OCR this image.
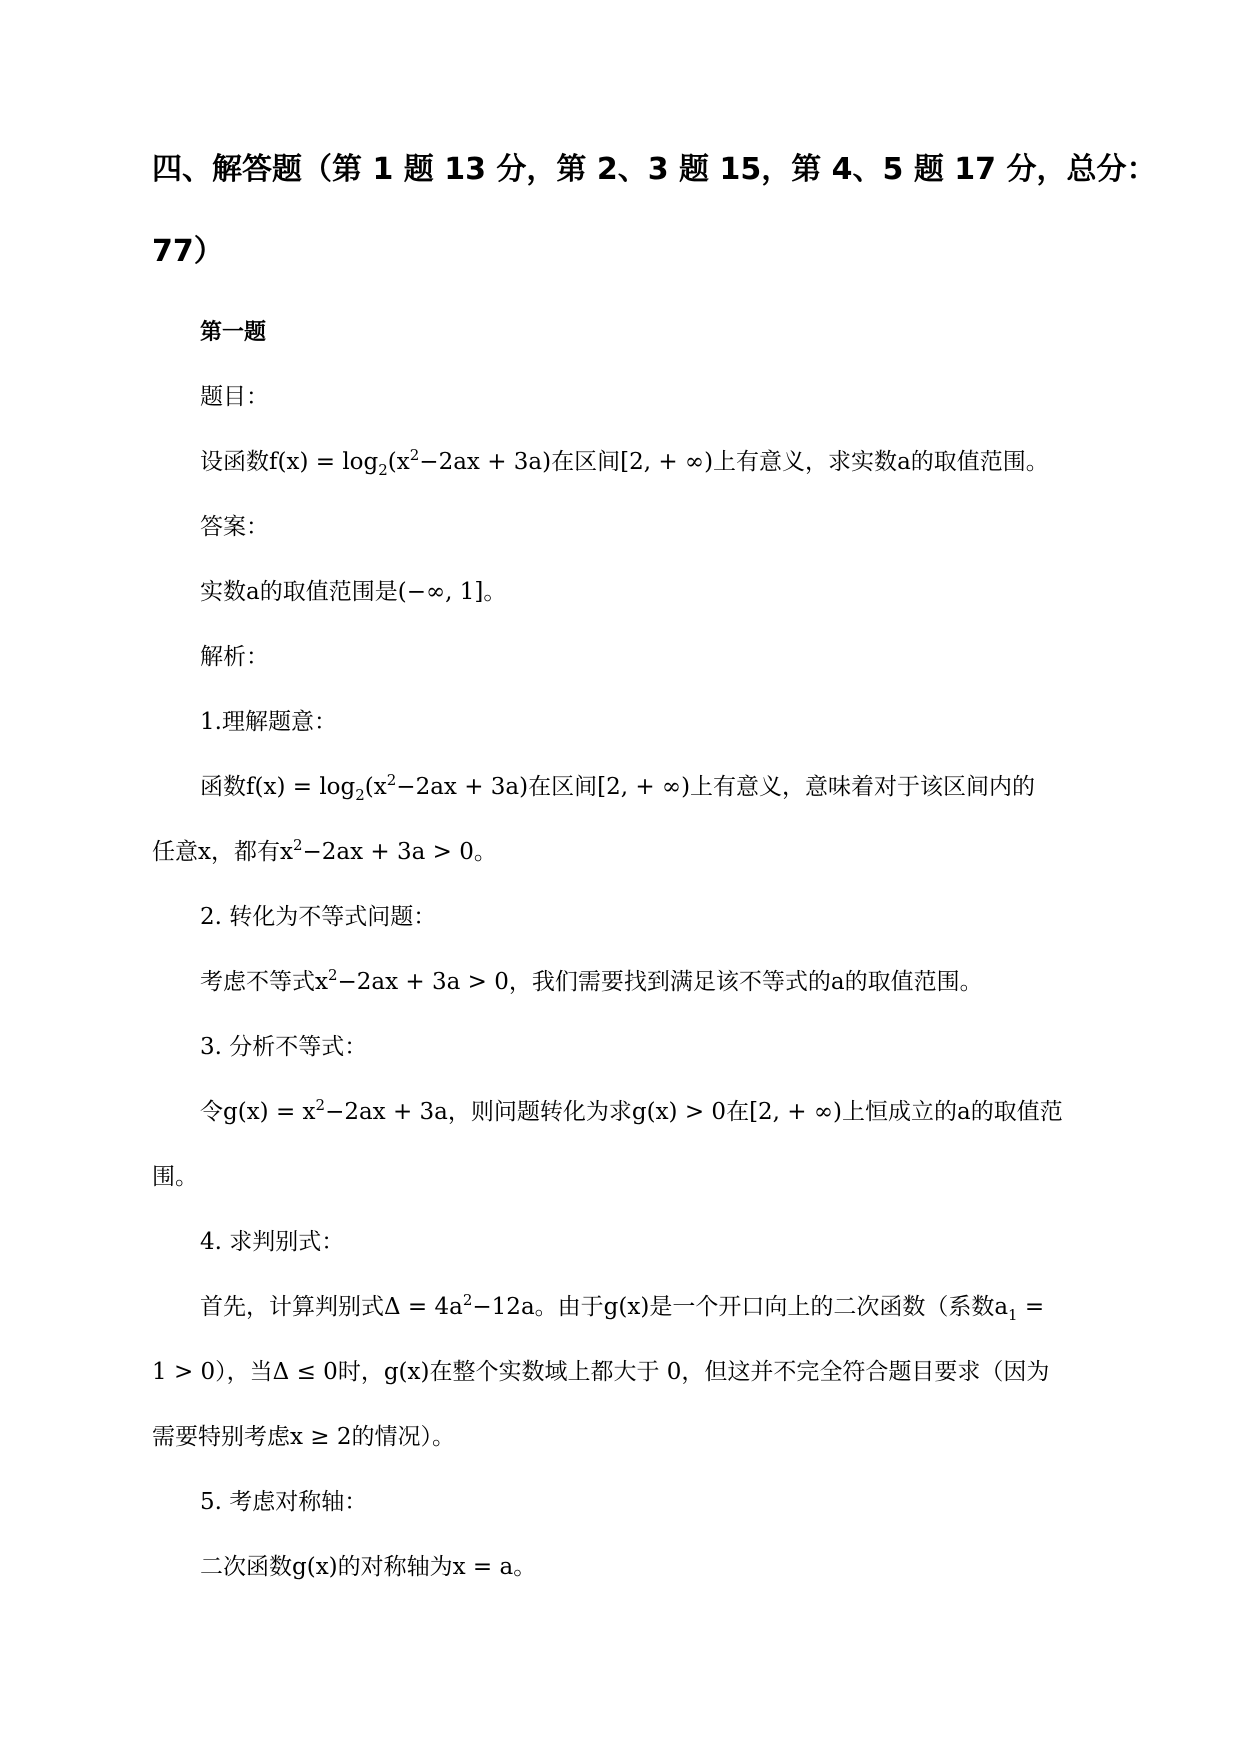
四、解答题（第 1 题 13 分，第 2、3 题 15，第 4、5 题 17 分，总分：
77）
第一题
题目：
设函数$f(x) = \log_2(x^2-2ax + 3a)$在区间[2, + ∞)上有意义，求实数a的取值范围。
答案：
实数a的取值范围是(−∞, 1]。
解析：
1.理解题意：
函数$f(x) = \log_2(x^2-2ax + 3a)$在区间[2, + ∞)上有意义，意味着对于该区间内的
任意x，都有$x^2-2ax + 3a > 0$。
2. 转化为不等式问题：
考虑不等式$x^2-2ax + 3a > 0$，我们需要找到满足该不等式的a的取值范围。
3. 分析不等式：
令$g(x) = x^2-2ax + 3a$，则问题转化为求g(x) > 0在[2, + ∞)上恒成立的a的取值范
围。
4. 求判别式：
首先，计算判别式$\Delta = 4a^2-12a$。由于g(x)是一个开口向上的二次函数（系数$a_1$ =
1 > 0），当Δ ≤ 0时，g(x)在整个实数域上都大于 0，但这并不完全符合题目要求（因为
需要特别考虑x ≥ 2的情况）。
5. 考虑对称轴：
二次函数g(x)的对称轴为x = a。
